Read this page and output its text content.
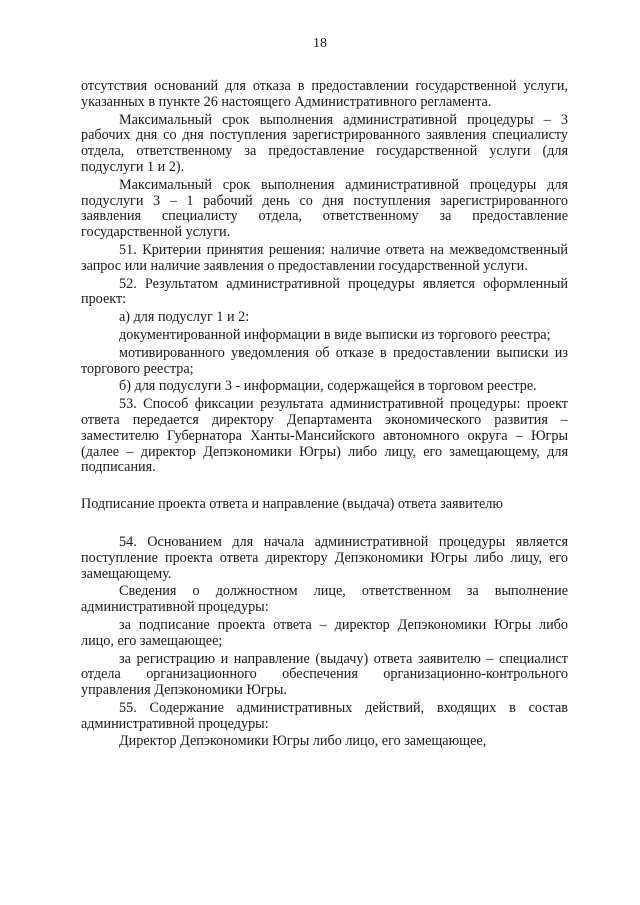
18

отсутствия оснований для отказа в предоставлении государственной услуги, указанных в пункте 26 настоящего Административного регламента.

Максимальный срок выполнения административной процедуры – 3 рабочих дня со дня поступления зарегистрированного заявления специалисту отдела, ответственному за предоставление государственной услуги (для подуслуги 1 и 2).

Максимальный срок выполнения административной процедуры для подуслуги 3 – 1 рабочий день со дня поступления зарегистрированного заявления специалисту отдела, ответственному за предоставление государственной услуги.

51. Критерии принятия решения: наличие ответа на межведомственный запрос или наличие заявления о предоставлении государственной услуги.

52. Результатом административной процедуры является оформленный проект:

а) для подуслуг 1 и 2:

документированной информации в виде выписки из торгового реестра;

мотивированного уведомления об отказе в предоставлении выписки из торгового реестра;

б) для подуслуги 3 - информации, содержащейся в торговом реестре.

53. Способ фиксации результата административной процедуры: проект ответа передается директору Департамента экономического развития – заместителю Губернатора Ханты-Мансийского автономного округа – Югры (далее – директор Депэкономики Югры) либо лицу, его замещающему, для подписания.

Подписание проекта ответа и направление (выдача) ответа заявителю

54. Основанием для начала административной процедуры является поступление проекта ответа директору Депэкономики Югры либо лицу, его замещающему.

Сведения о должностном лице, ответственном за выполнение административной процедуры:

за подписание проекта ответа – директор Депэкономики Югры либо лицо, его замещающее;

за регистрацию и направление (выдачу) ответа заявителю – специалист отдела организационного обеспечения организационно-контрольного управления Депэкономики Югры.

55. Содержание административных действий, входящих в состав административной процедуры:

Директор Депэкономики Югры либо лицо, его замещающее,
